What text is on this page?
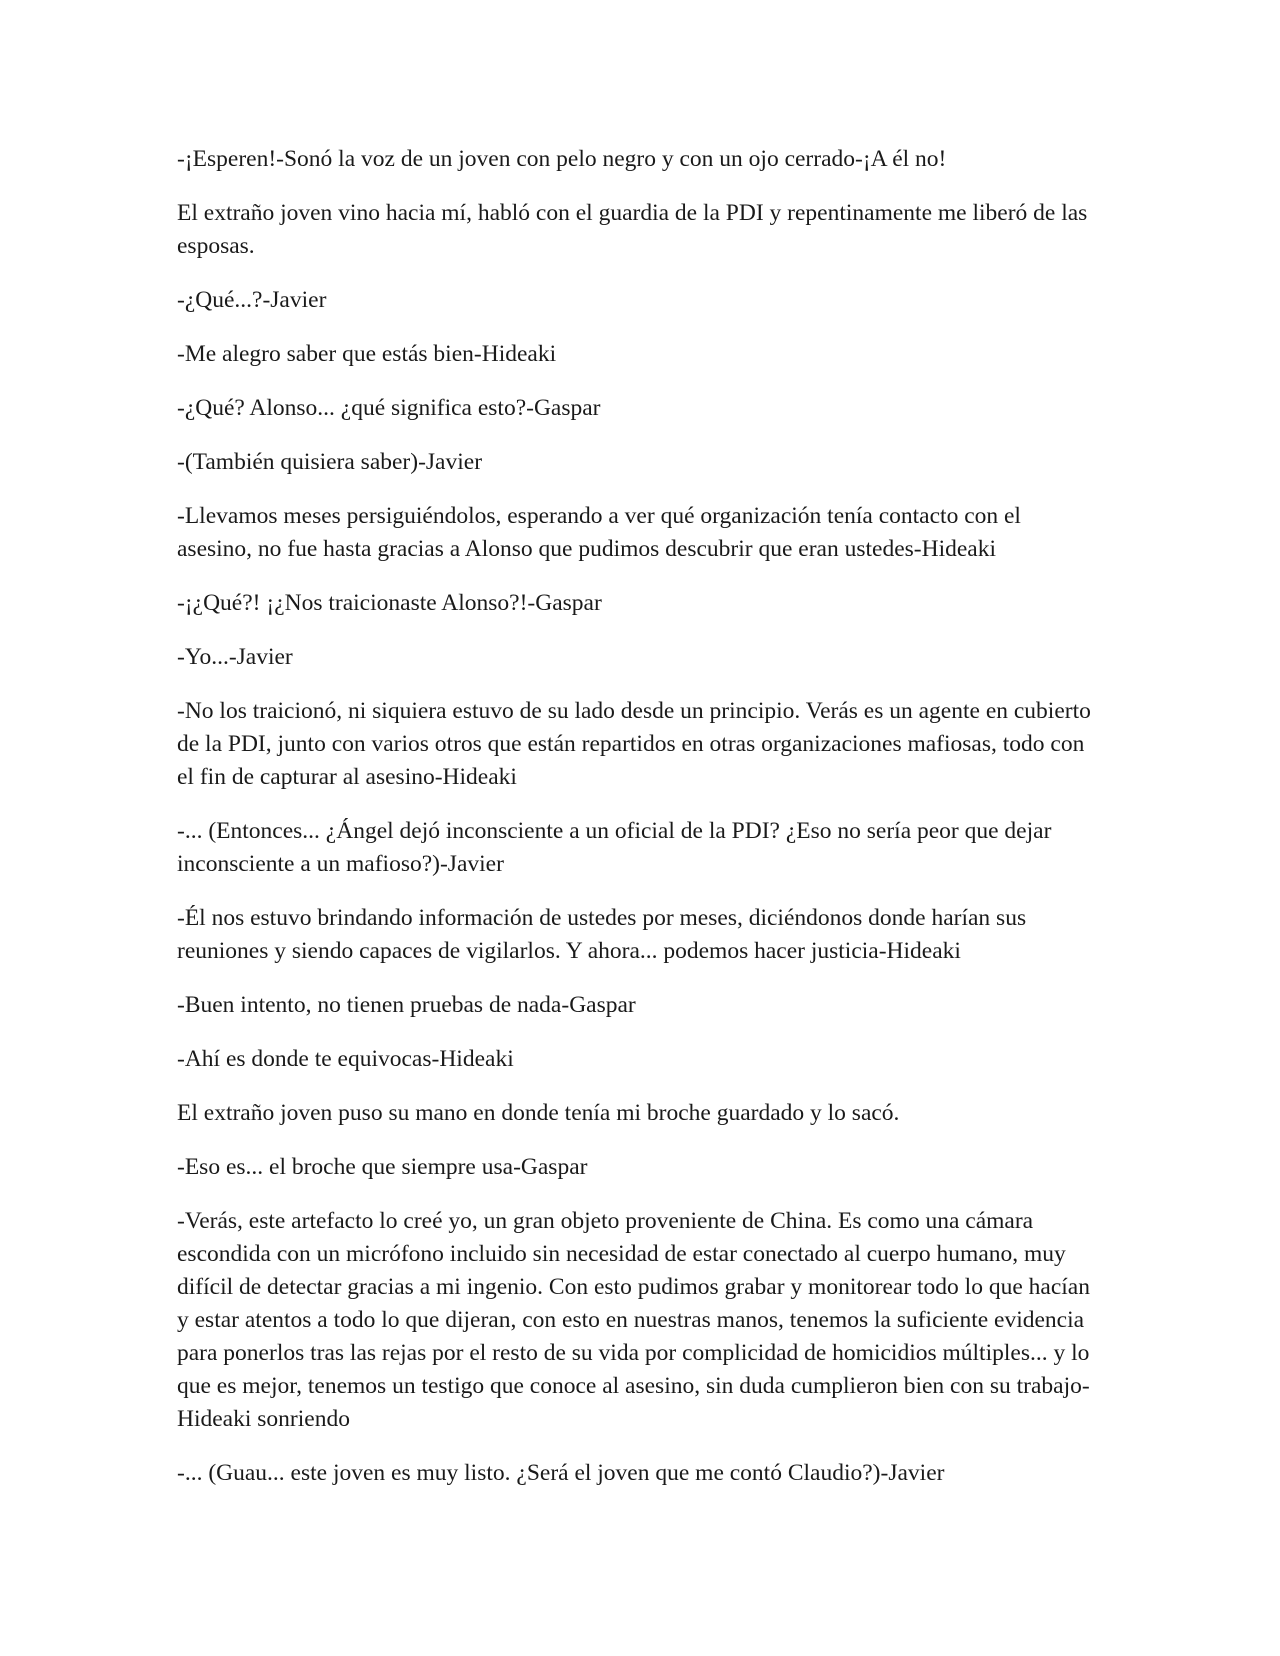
-¡Esperen!-Sonó la voz de un joven con pelo negro y con un ojo cerrado-¡A él no!

El extraño joven vino hacia mí, habló con el guardia de la PDI y repentinamente me liberó de las esposas.

-¿Qué...?-Javier

-Me alegro saber que estás bien-Hideaki

-¿Qué? Alonso... ¿qué significa esto?-Gaspar

-(También quisiera saber)-Javier

-Llevamos meses persiguiéndolos, esperando a ver qué organización tenía contacto con el asesino, no fue hasta gracias a Alonso que pudimos descubrir que eran ustedes-Hideaki

-¡¿Qué?! ¡¿Nos traicionaste Alonso?!-Gaspar

-Yo...-Javier

-No los traicionó, ni siquiera estuvo de su lado desde un principio. Verás es un agente en cubierto de la PDI, junto con varios otros que están repartidos en otras organizaciones mafiosas, todo con el fin de capturar al asesino-Hideaki

-... (Entonces... ¿Ángel dejó inconsciente a un oficial de la PDI? ¿Eso no sería peor que dejar inconsciente a un mafioso?)-Javier

-Él nos estuvo brindando información de ustedes por meses, diciéndonos donde harían sus reuniones y siendo capaces de vigilarlos. Y ahora... podemos hacer justicia-Hideaki

-Buen intento, no tienen pruebas de nada-Gaspar

-Ahí es donde te equivocas-Hideaki

El extraño joven puso su mano en donde tenía mi broche guardado y lo sacó.

-Eso es... el broche que siempre usa-Gaspar

-Verás, este artefacto lo creé yo, un gran objeto proveniente de China. Es como una cámara escondida con un micrófono incluido sin necesidad de estar conectado al cuerpo humano, muy difícil de detectar gracias a mi ingenio. Con esto pudimos grabar y monitorear todo lo que hacían y estar atentos a todo lo que dijeran, con esto en nuestras manos, tenemos la suficiente evidencia para ponerlos tras las rejas por el resto de su vida por complicidad de homicidios múltiples... y lo que es mejor, tenemos un testigo que conoce al asesino, sin duda cumplieron bien con su trabajo-Hideaki sonriendo

-... (Guau... este joven es muy listo. ¿Será el joven que me contó Claudio?)-Javier
